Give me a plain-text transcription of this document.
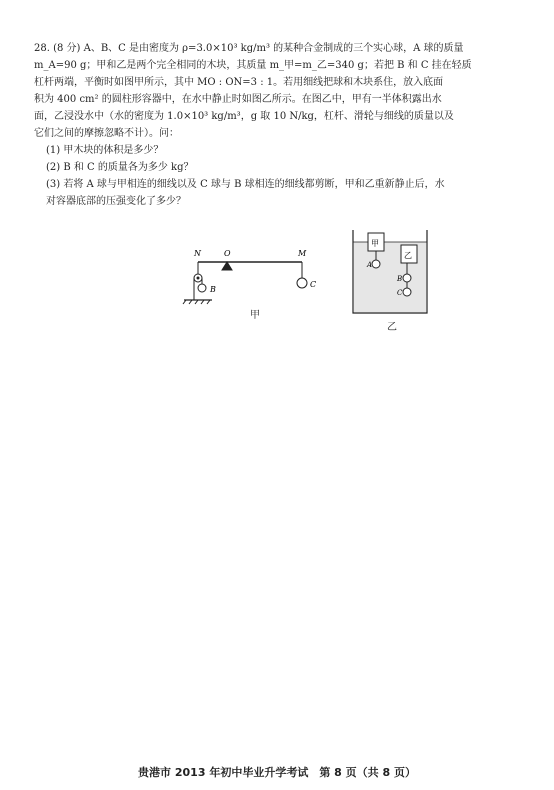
28. (8 分) A、B、C 是由密度为 ρ=3.0×10³ kg/m³ 的某种合金制成的三个实心球，A 球的质量

m_A=90 g；甲和乙是两个完全相同的木块，其质量 m_甲=m_乙=340 g；若把 B 和 C 挂在轻质

杠杆两端，平衡时如图甲所示，其中 MO : ON=3 : 1。若用细线把球和木块系住，放入底面

积为 400 cm² 的圆柱形容器中，在水中静止时如图乙所示。在图乙中，甲有一半体积露出水

面，乙浸没水中（水的密度为 1.0×10³ kg/m³，g 取 10 N/kg，杠杆、滑轮与细线的质量以及

它们之间的摩擦忽略不计）。问：

(1) 甲木块的体积是多少？

(2) B 和 C 的质量各为多少 kg？

(3) 若将 A 球与甲相连的细线以及 C 球与 B 球相连的细线都剪断，甲和乙重新静止后，水

对容器底部的压强变化了多少？

N	O	M
B
C
甲
甲
乙
A
B
C
乙
贵港市 2013 年初中毕业升学考试　第 8 页（共 8 页）
